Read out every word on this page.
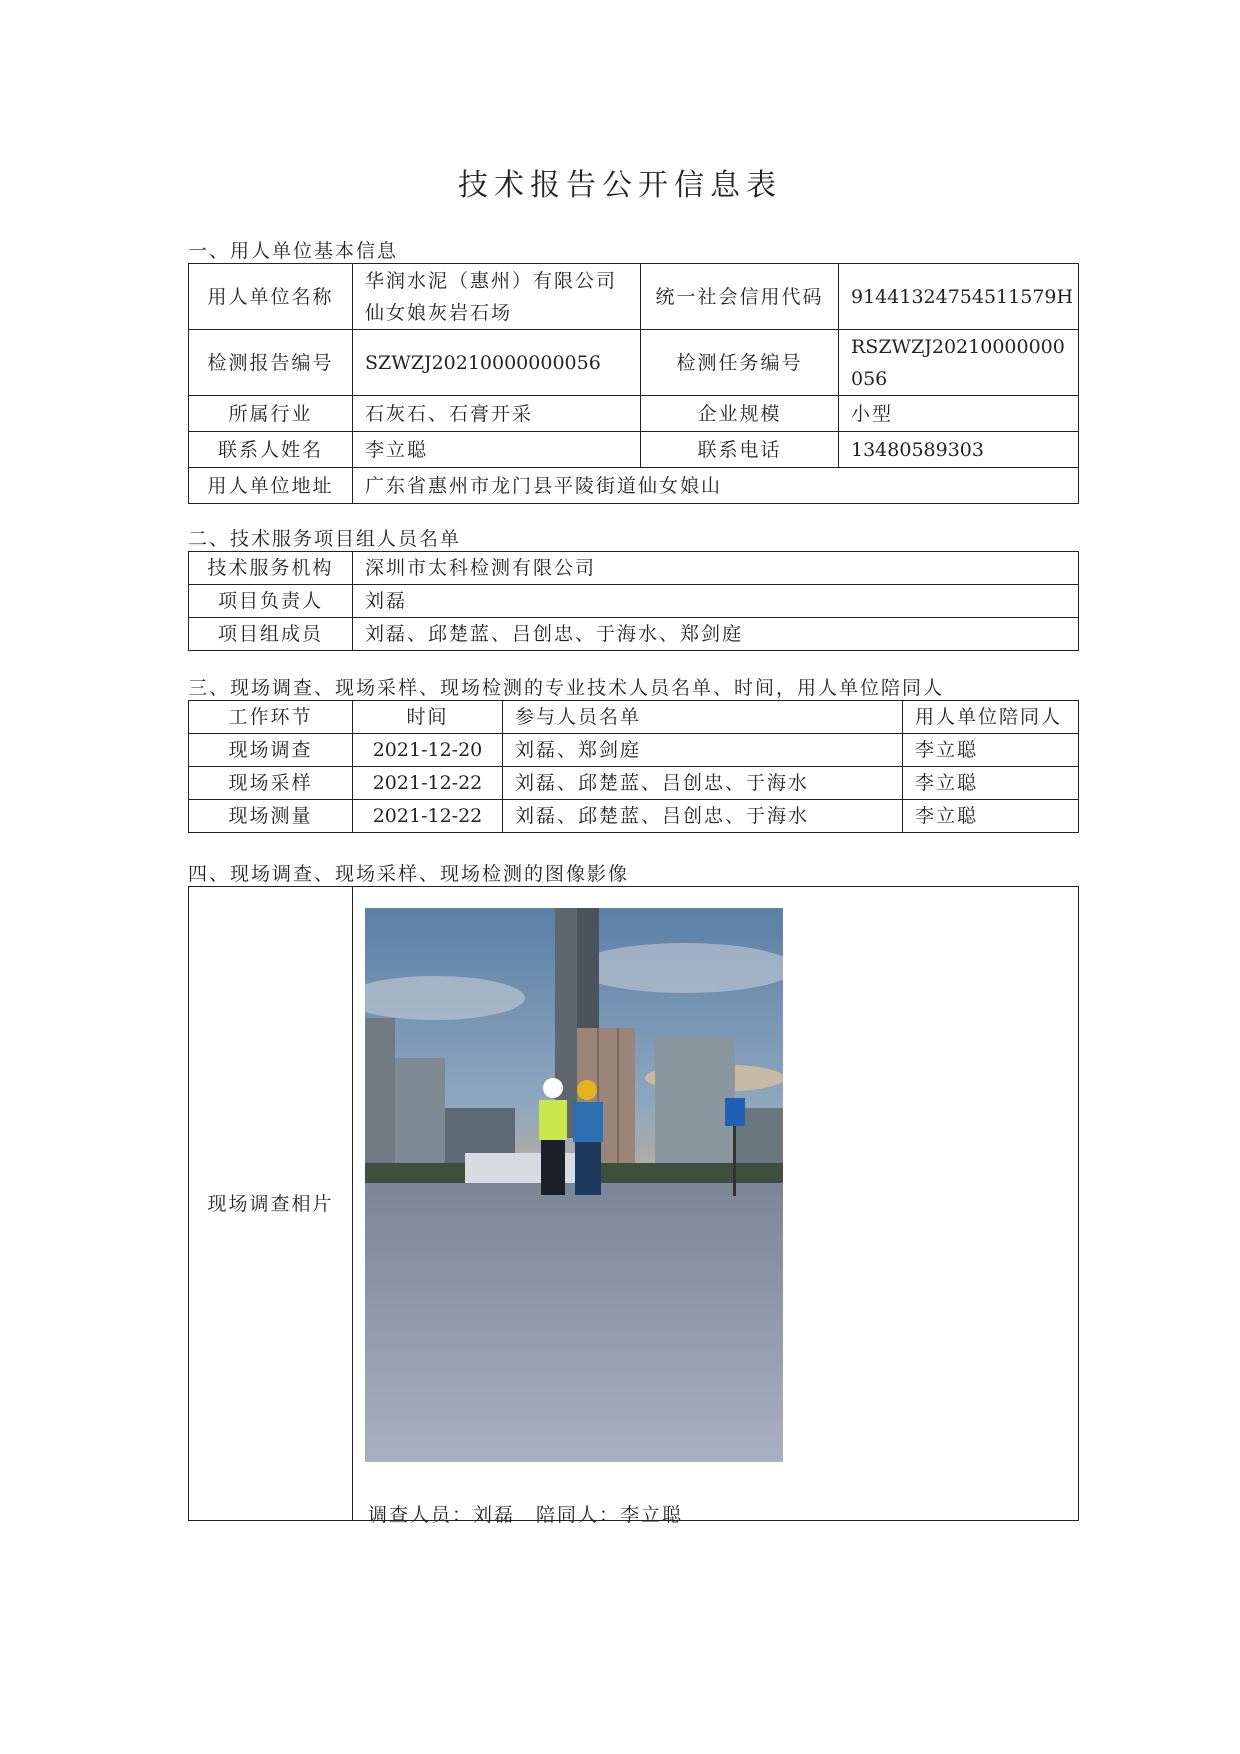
技术报告公开信息表
一、用人单位基本信息
用人单位名称	华润水泥（惠州）有限公司仙女娘灰岩石场	统一社会信用代码	91441324754511579H
检测报告编号	SZWZJ20210000000056	检测任务编号	RSZWZJ20210000000056
所属行业	石灰石、石膏开采	企业规模	小型
联系人姓名	李立聪	联系电话	13480589303
用人单位地址	广东省惠州市龙门县平陵街道仙女娘山		
二、技术服务项目组人员名单
技术服务机构	深圳市太科检测有限公司
项目负责人	刘磊
项目组成员	刘磊、邱楚蓝、吕创忠、于海水、郑剑庭
三、现场调查、现场采样、现场检测的专业技术人员名单、时间，用人单位陪同人
工作环节	时间	参与人员名单	用人单位陪同人
现场调查	2021-12-20	刘磊、郑剑庭	李立聪
现场采样	2021-12-22	刘磊、邱楚蓝、吕创忠、于海水	李立聪
现场测量	2021-12-22	刘磊、邱楚蓝、吕创忠、于海水	李立聪
四、现场调查、现场采样、现场检测的图像影像
现场调查相片	
调查人员：刘磊　陪同人：李立聪
